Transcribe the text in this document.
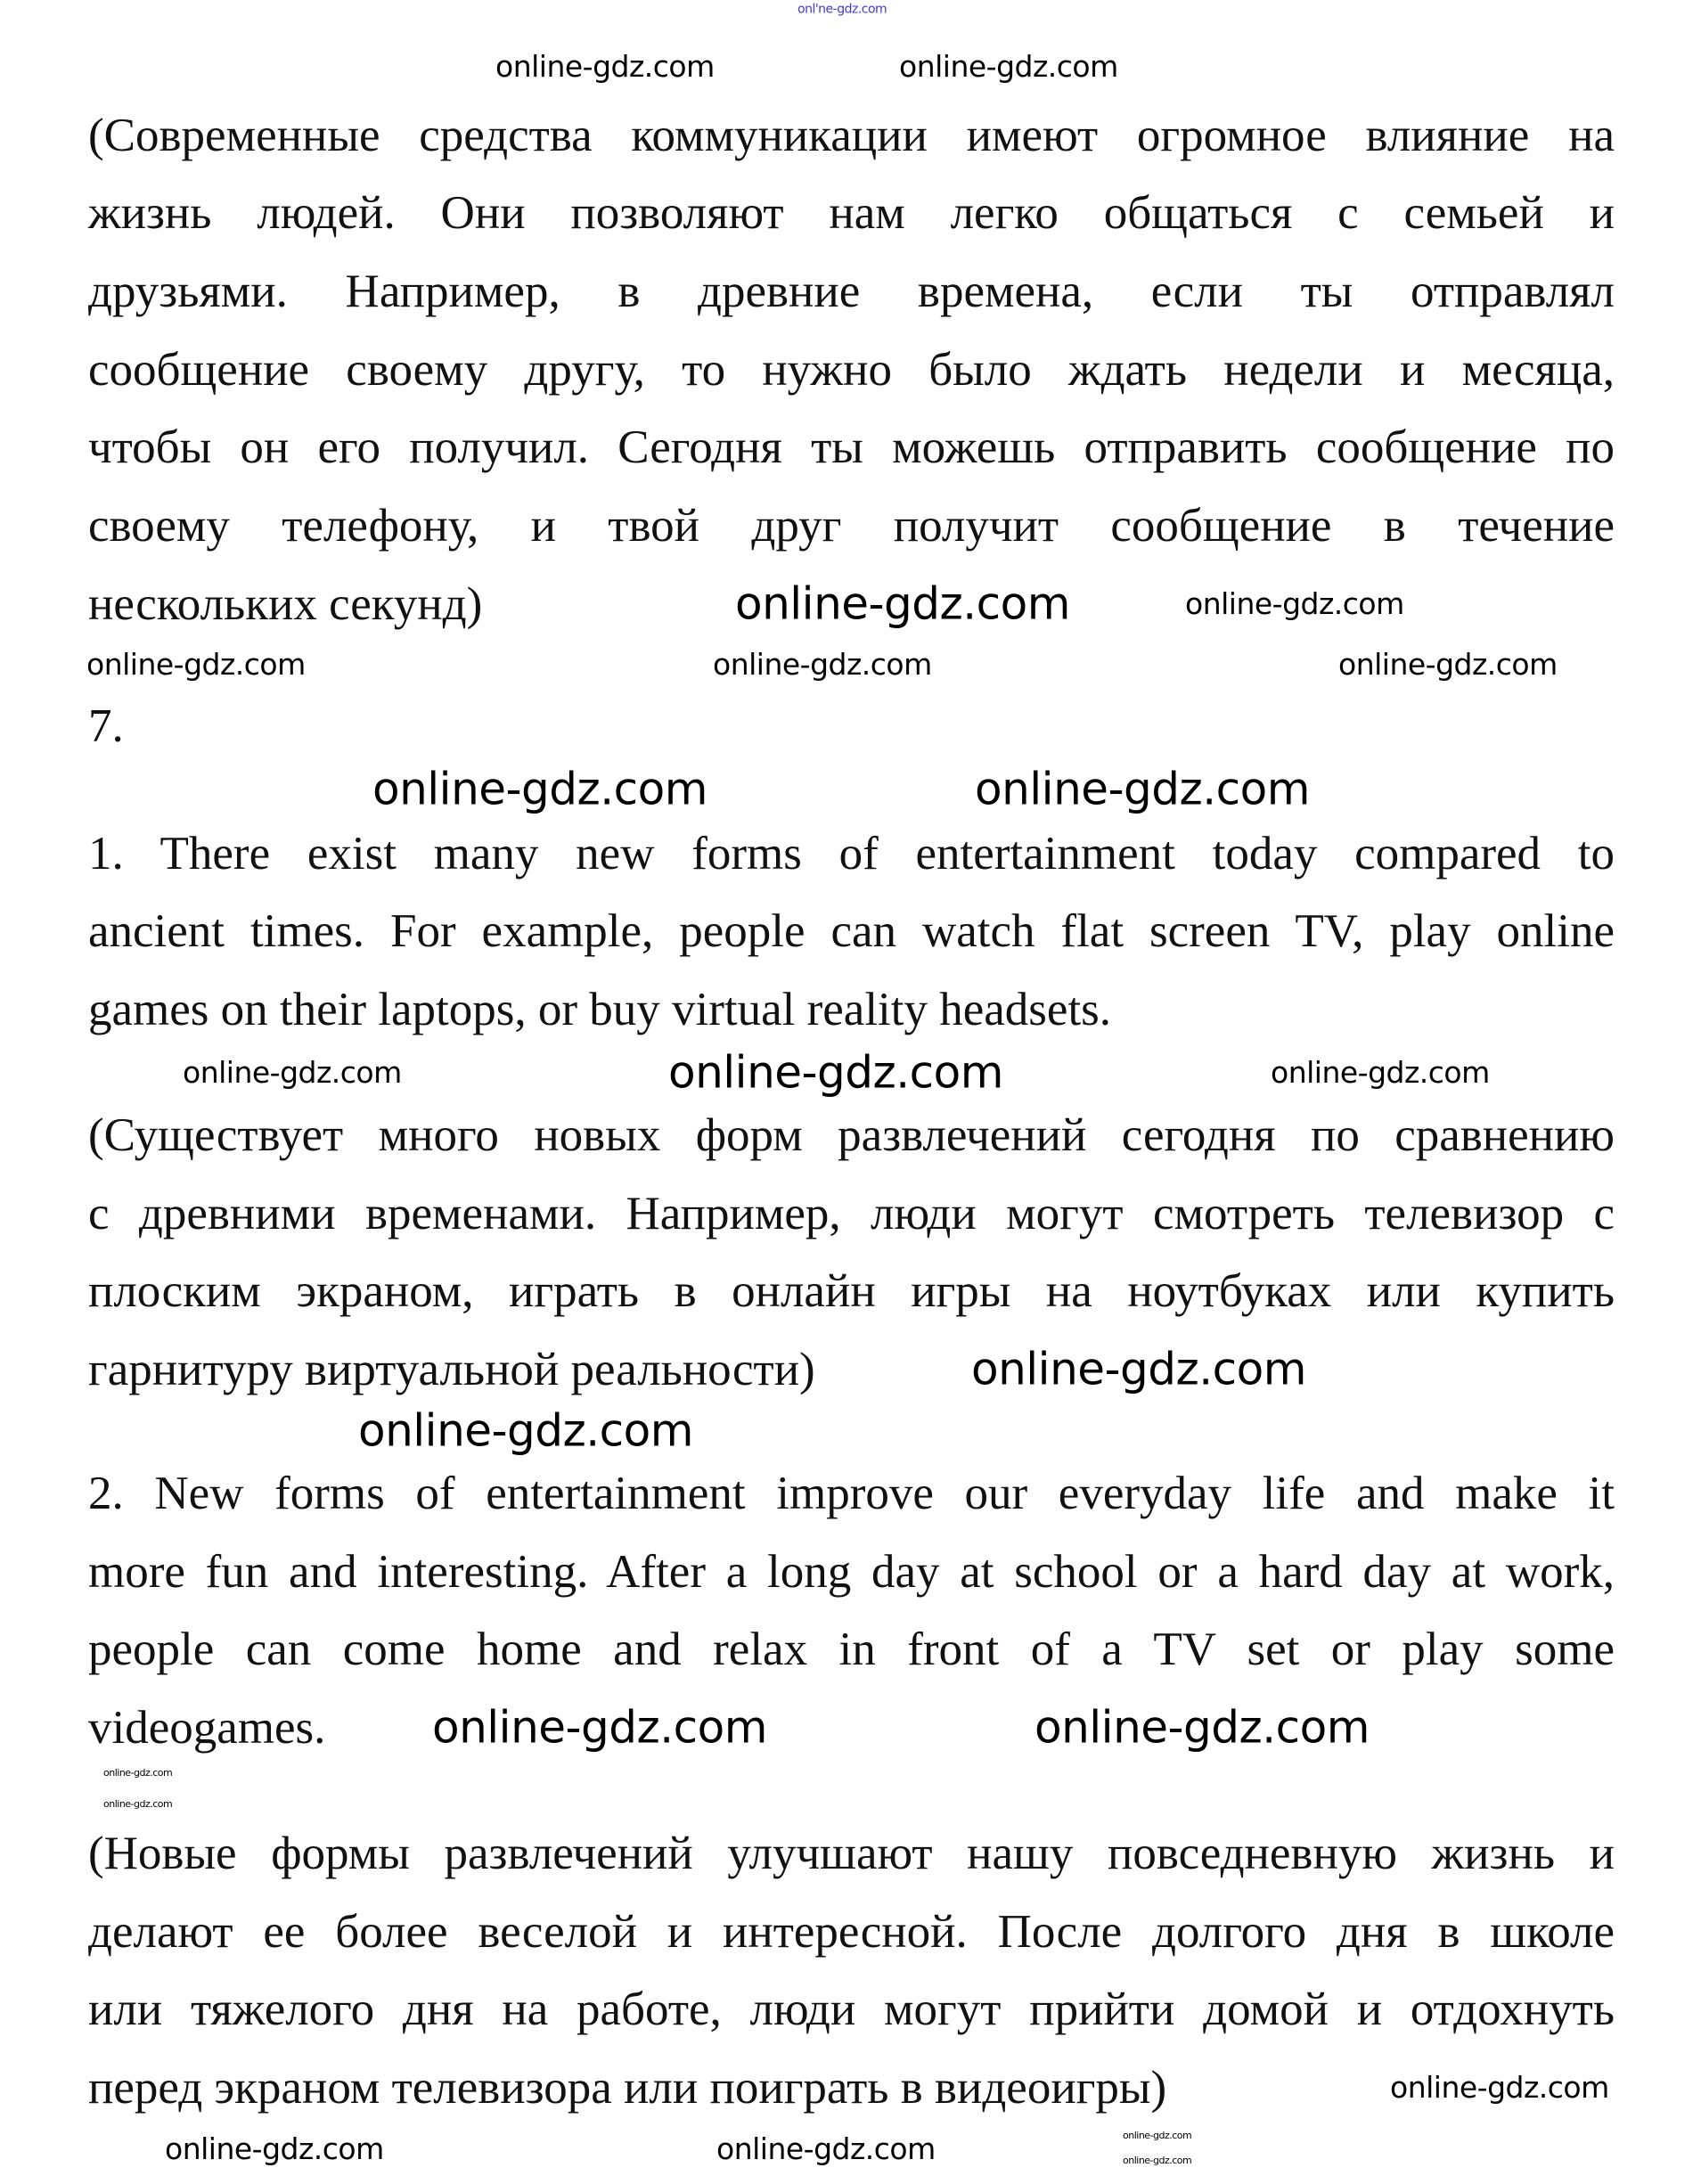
(Современные средства коммуникации имеют огромное влияние на
жизнь людей. Они позволяют нам легко общаться с семьей и
друзьями. Например, в древние времена, если ты отправлял
сообщение своему другу, то нужно было ждать недели и месяца,
чтобы он его получил. Сегодня ты можешь отправить сообщение по
своему телефону, и твой друг получит сообщение в течение
нескольких секунд)
7.
1. There exist many new forms of entertainment today compared to
ancient times. For example, people can watch flat screen TV, play online
games on their laptops, or buy virtual reality headsets.
(Существует много новых форм развлечений сегодня по сравнению
с древними временами. Например, люди могут смотреть телевизор с
плоским экраном, играть в онлайн игры на ноутбуках или купить
гарнитуру виртуальной реальности)
2. New forms of entertainment improve our everyday life and make it
more fun and interesting. After a long day at school or a hard day at work,
people can come home and relax in front of a TV set or play some
videogames.
(Новые формы развлечений улучшают нашу повседневную жизнь и
делают ее более веселой и интересной. После долгого дня в школе
или тяжелого дня на работе, люди могут прийти домой и отдохнуть
перед экраном телевизора или поиграть в видеоигры)
onl'ne-gdz.com
online-gdz.com	online-gdz.com
online-gdz.com	online-gdz.com
online-gdz.com
online-gdz.com	online-gdz.com
online-gdz.com	online-gdz.com
online-gdz.com	online-gdz.com	online-gdz.com
online-gdz.com
online-gdz.com
online-gdz.com
online-gdz.com	online-gdz.com
online-gdz.com
online-gdz.com
online-gdz.com
online-gdz.com	online-gdz.com	online-gdz.com
